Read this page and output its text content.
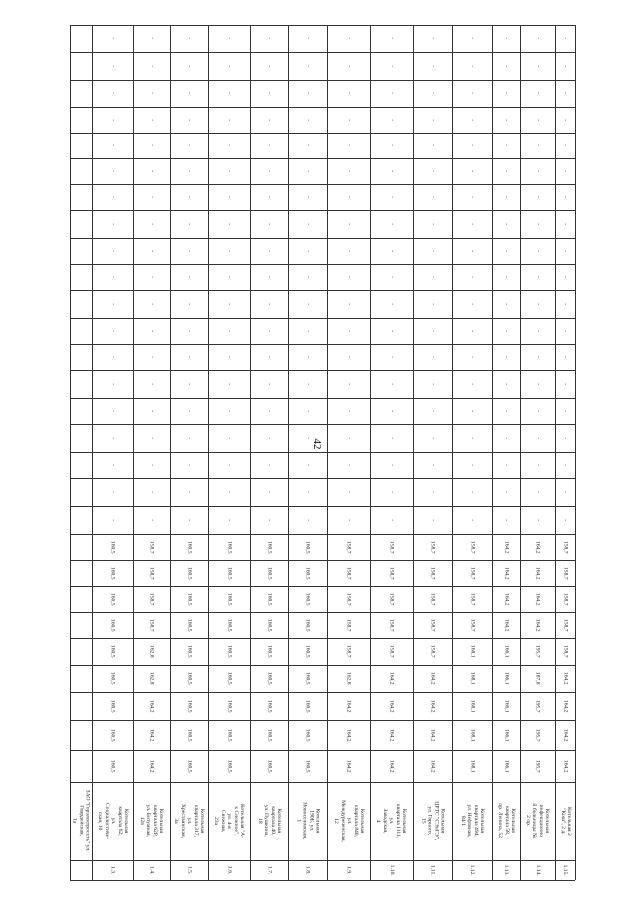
42
ЗАО "Горэлектросеть" ул.
Гвардейская,
1а	Котельная
квартала 62,
ул.
Социалистиче-
ская, 10
1.3.
160,5
160,5
160,5
160,5
160,5
160,5
160,5
160,5
160,5
-
-
-
-
-
-
-
-
-
-
-
-
-
-
-
-
-
-
-
Котельная
квартала 62Р,
ул. Битумная,
12в
1.4.
164,2
164,2
164,2
162,8
162,8
158,7
158,7
158,7
158,7
-
-
-
-
-
-
-
-
-
-
-
-
-
-
-
-
-
-
-
Котельная
квартала 317,
ул.
Хрестьянская,
3а
1.5.
160,5
160,5
160,5
160,5
160,5
160,5
160,5
160,5
160,5
-
-
-
-
-
-
-
-
-
-
-
-
-
-
-
-
-
-
-
Котельная "А-
к Снежное",
ул. 4-я
Снежная,
23а
1.6.
160,5
160,5
160,5
160,5
160,5
160,5
160,5
160,5
160,5
-
-
-
-
-
-
-
-
-
-
-
-
-
-
-
-
-
-
-
Котельная
квартала 40,
ул. Пушкина,
18
1.7.
160,5
160,5
160,5
160,5
160,5
160,5
160,5
160,5
160,5
-
-
-
-
-
-
-
-
-
-
-
-
-
-
-
-
-
-
-
Котельная
190Б, ул.
Новоселовская,
1
1.8.
160,5
160,5
160,5
160,5
160,5
160,5
160,5
160,5
160,5
-
-
-
-
-
-
-
-
-
-
-
-
-
-
-
-
-
-
-
Котельная
квартала 840,
ул.
Междуреченская,
12
1.9.
164,2
164,2
164,2
162,8
158,7
158,7
158,7
158,7
158,7
-
-
-
-
-
-
-
-
-
-
-
-
-
-
-
-
-
-
-
Котельная
квартала 1111,
ул.
Заводская,
4
1.10.
164,2
164,2
164,2
164,2
158,7
158,7
158,7
158,7
158,7
-
-
-
-
-
-
-
-
-
-
-
-
-
-
-
-
-
-
-
Котельная
ЦРТС "СЭнГЭ",
ул. Горного,
15
1.11.
164,2
164,2
164,2
164,2
158,7
158,7
158,7
158,7
158,7
-
-
-
-
-
-
-
-
-
-
-
-
-
-
-
-
-
-
-
Котельная
квартала 494,
ул. Нефтяная,
84/1
1.12.
168,1
168,1
168,1
168,1
168,1
158,7
158,7
158,7
158,7
-
-
-
-
-
-
-
-
-
-
-
-
-
-
-
-
-
-
-
Котельная
квартала 58,
пр. Ленина, 52
1.13.
166,1
166,1
166,1
166,1
166,1
164,2
164,2
164,2
164,2
-
-
-
-
-
-
-
-
-
-
-
-
-
-
-
-
-
-
-
Котельная
инфекционно
й больницы №
2 пр.
1.14.
195,7
195,7
195,7
187,8
195,7
164,2
164,2
164,2
164,2
-
-
-
-
-
-
-
-
-
-
-
-
-
-
-
-
-
-
-
Котельная 2
"Кош", 2 д.
1.15.
164,2
164,2
164,2
164,2
158,7
158,7
158,7
158,7
158,7
-
-
-
-
-
-
-
-
-
-
-
-
-
-
-
-
-
-
-
